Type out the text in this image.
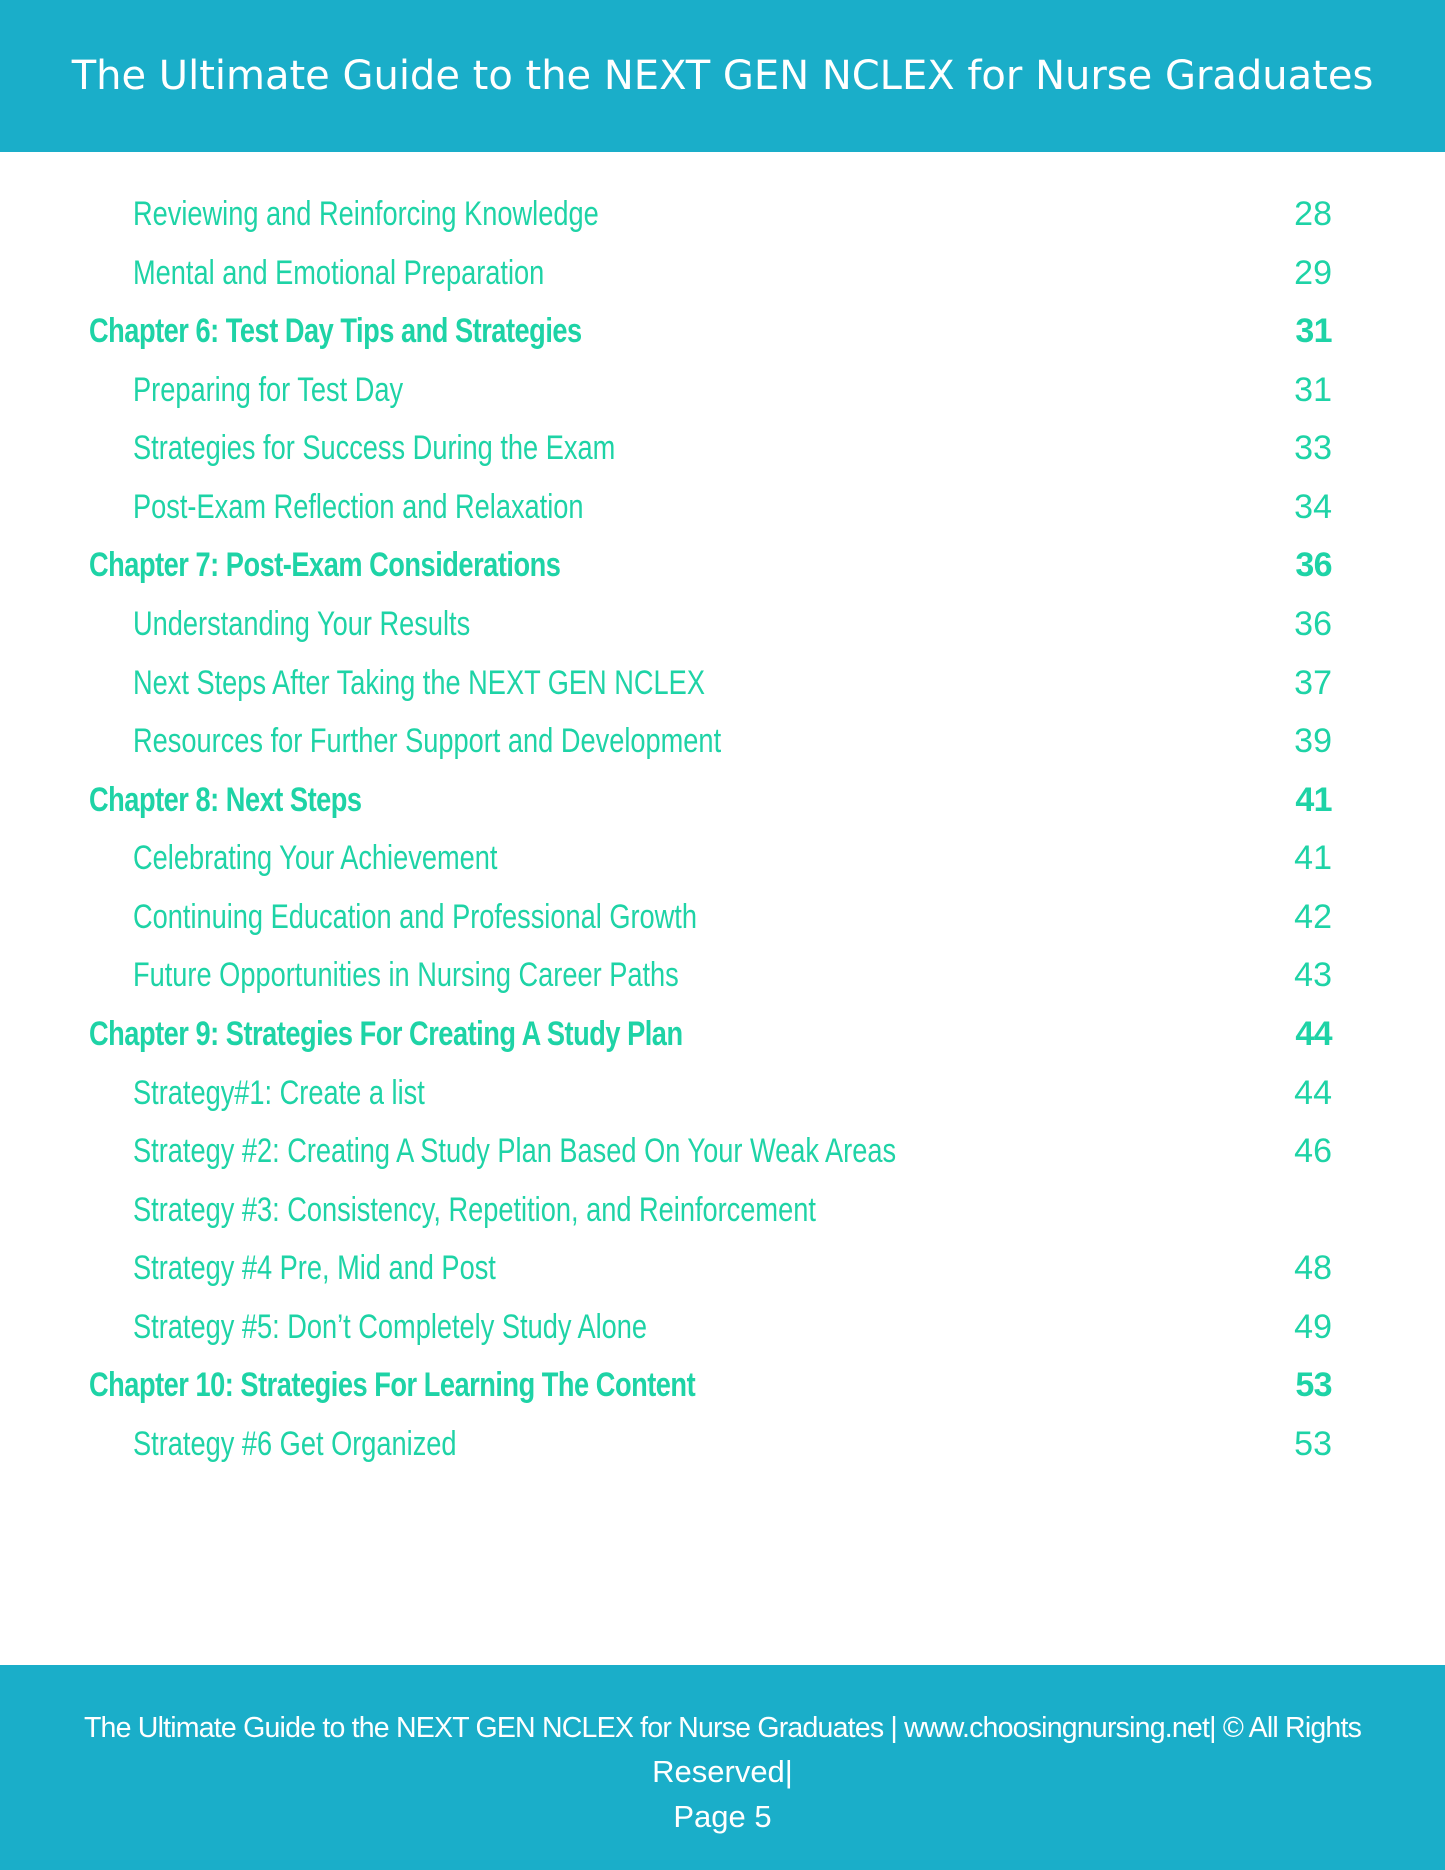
The Ultimate Guide to the NEXT GEN NCLEX for Nurse Graduates
Reviewing and Reinforcing Knowledge	28
Mental and Emotional Preparation	29
Chapter 6: Test Day Tips and Strategies	31
Preparing for Test Day	31
Strategies for Success During the Exam	33
Post-Exam Reflection and Relaxation	34
Chapter 7: Post-Exam Considerations	36
Understanding Your Results	36
Next Steps After Taking the NEXT GEN NCLEX	37
Resources for Further Support and Development	39
Chapter 8: Next Steps	41
Celebrating Your Achievement	41
Continuing Education and Professional Growth	42
Future Opportunities in Nursing Career Paths	43
Chapter 9: Strategies For Creating A Study Plan	44
Strategy#1: Create a list	44
Strategy #2: Creating A Study Plan Based On Your Weak Areas	46
Strategy #3: Consistency, Repetition, and Reinforcement
Strategy #4 Pre, Mid and Post	48
Strategy #5: Don’t Completely Study Alone	49
Chapter 10: Strategies For Learning The Content	53
Strategy #6 Get Organized	53
The Ultimate Guide to the NEXT GEN NCLEX for Nurse Graduates | www.choosingnursing.net| © All Rights
Reserved|
Page 5
